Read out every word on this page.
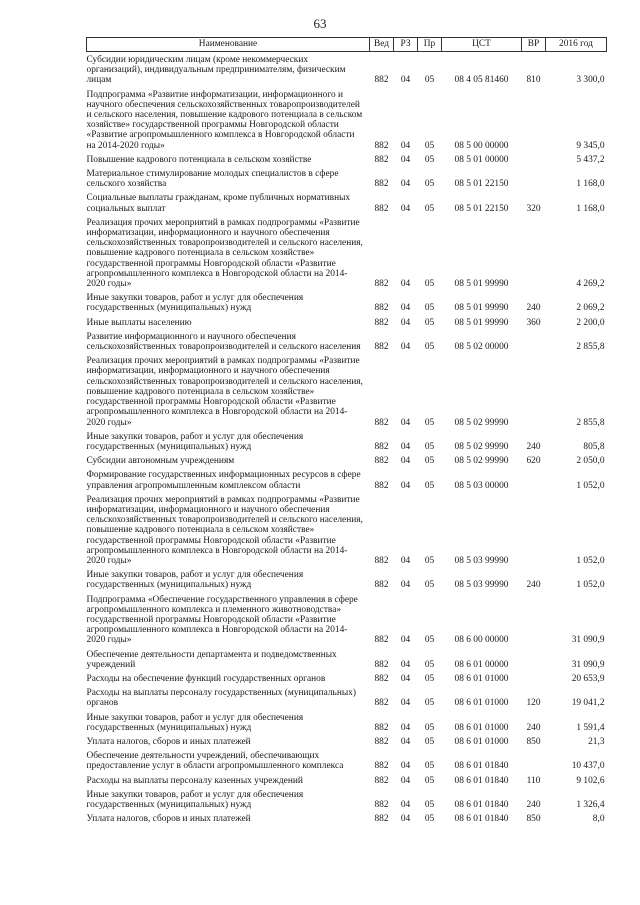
63
Наименование	Вед	РЗ	Пр	ЦСТ	ВР	2016 год
Субсидии юридическим лицам (кроме некоммерческих организаций), индивидуальным предпринимателям, физическим лицам	882	04	05	08 4 05 81460	810	3 300,0
Подпрограмма «Развитие информатизации, информационного и научного обеспечения сельскохозяйственных товаропроизводителей и сельского населения, повышение кадрового потенциала в сельском хозяйстве» государственной программы Новгородской области «Развитие агропромышленного комплекса в Новгородской области на 2014-2020 годы»	882	04	05	08 5 00 00000		9 345,0
Повышение кадрового потенциала в сельском хозяйстве	882	04	05	08 5 01 00000		5 437,2
Материальное стимулирование молодых специалистов в сфере сельского хозяйства	882	04	05	08 5 01 22150		1 168,0
Социальные выплаты гражданам, кроме публичных нормативных социальных выплат	882	04	05	08 5 01 22150	320	1 168,0
Реализация прочих мероприятий в рамках подпрограммы «Развитие информатизации, информационного и научного обеспечения сельскохозяйственных товаропроизводителей и сельского населения, повышение кадрового потенциала в сельском хозяйстве» государственной программы Новгородской области «Развитие агропромышленного комплекса в Новгородской области на 2014-2020 годы»	882	04	05	08 5 01 99990		4 269,2
Иные закупки товаров, работ и услуг для обеспечения государственных (муниципальных) нужд	882	04	05	08 5 01 99990	240	2 069,2
Иные выплаты населению	882	04	05	08 5 01 99990	360	2 200,0
Развитие информационного и научного обеспечения сельскохозяйственных товаропроизводителей и сельского населения	882	04	05	08 5 02 00000		2 855,8
Реализация прочих мероприятий в рамках подпрограммы «Развитие информатизации, информационного и научного обеспечения сельскохозяйственных товаропроизводителей и сельского населения, повышение кадрового потенциала в сельском хозяйстве» государственной программы Новгородской области «Развитие агропромышленного комплекса в Новгородской области на 2014-2020 годы»	882	04	05	08 5 02 99990		2 855,8
Иные закупки товаров, работ и услуг для обеспечения государственных (муниципальных) нужд	882	04	05	08 5 02 99990	240	805,8
Субсидии автономным учреждениям	882	04	05	08 5 02 99990	620	2 050,0
Формирование государственных информационных ресурсов в сфере управления агропромышленным комплексом области	882	04	05	08 5 03 00000		1 052,0
Реализация прочих мероприятий в рамках подпрограммы «Развитие информатизации, информационного и научного обеспечения сельскохозяйственных товаропроизводителей и сельского населения, повышение кадрового потенциала в сельском хозяйстве» государственной программы Новгородской области «Развитие агропромышленного комплекса в Новгородской области на 2014-2020 годы»	882	04	05	08 5 03 99990		1 052,0
Иные закупки товаров, работ и услуг для обеспечения государственных (муниципальных) нужд	882	04	05	08 5 03 99990	240	1 052,0
Подпрограмма «Обеспечение государственного управления в сфере агропромышленного комплекса и племенного животноводства» государственной программы Новгородской области «Развитие агропромышленного комплекса в Новгородской области на 2014-2020 годы»	882	04	05	08 6 00 00000		31 090,9
Обеспечение деятельности департамента и подведомственных учреждений	882	04	05	08 6 01 00000		31 090,9
Расходы на обеспечение функций государственных органов	882	04	05	08 6 01 01000		20 653,9
Расходы на выплаты персоналу государственных (муниципальных) органов	882	04	05	08 6 01 01000	120	19 041,2
Иные закупки товаров, работ и услуг для обеспечения государственных (муниципальных) нужд	882	04	05	08 6 01 01000	240	1 591,4
Уплата налогов, сборов и иных платежей	882	04	05	08 6 01 01000	850	21,3
Обеспечение деятельности учреждений, обеспечивающих предоставление услуг в области агропромышленного комплекса	882	04	05	08 6 01 01840		10 437,0
Расходы на выплаты персоналу казенных учреждений	882	04	05	08 6 01 01840	110	9 102,6
Иные закупки товаров, работ и услуг для обеспечения государственных (муниципальных) нужд	882	04	05	08 6 01 01840	240	1 326,4
Уплата налогов, сборов и иных платежей	882	04	05	08 6 01 01840	850	8,0
